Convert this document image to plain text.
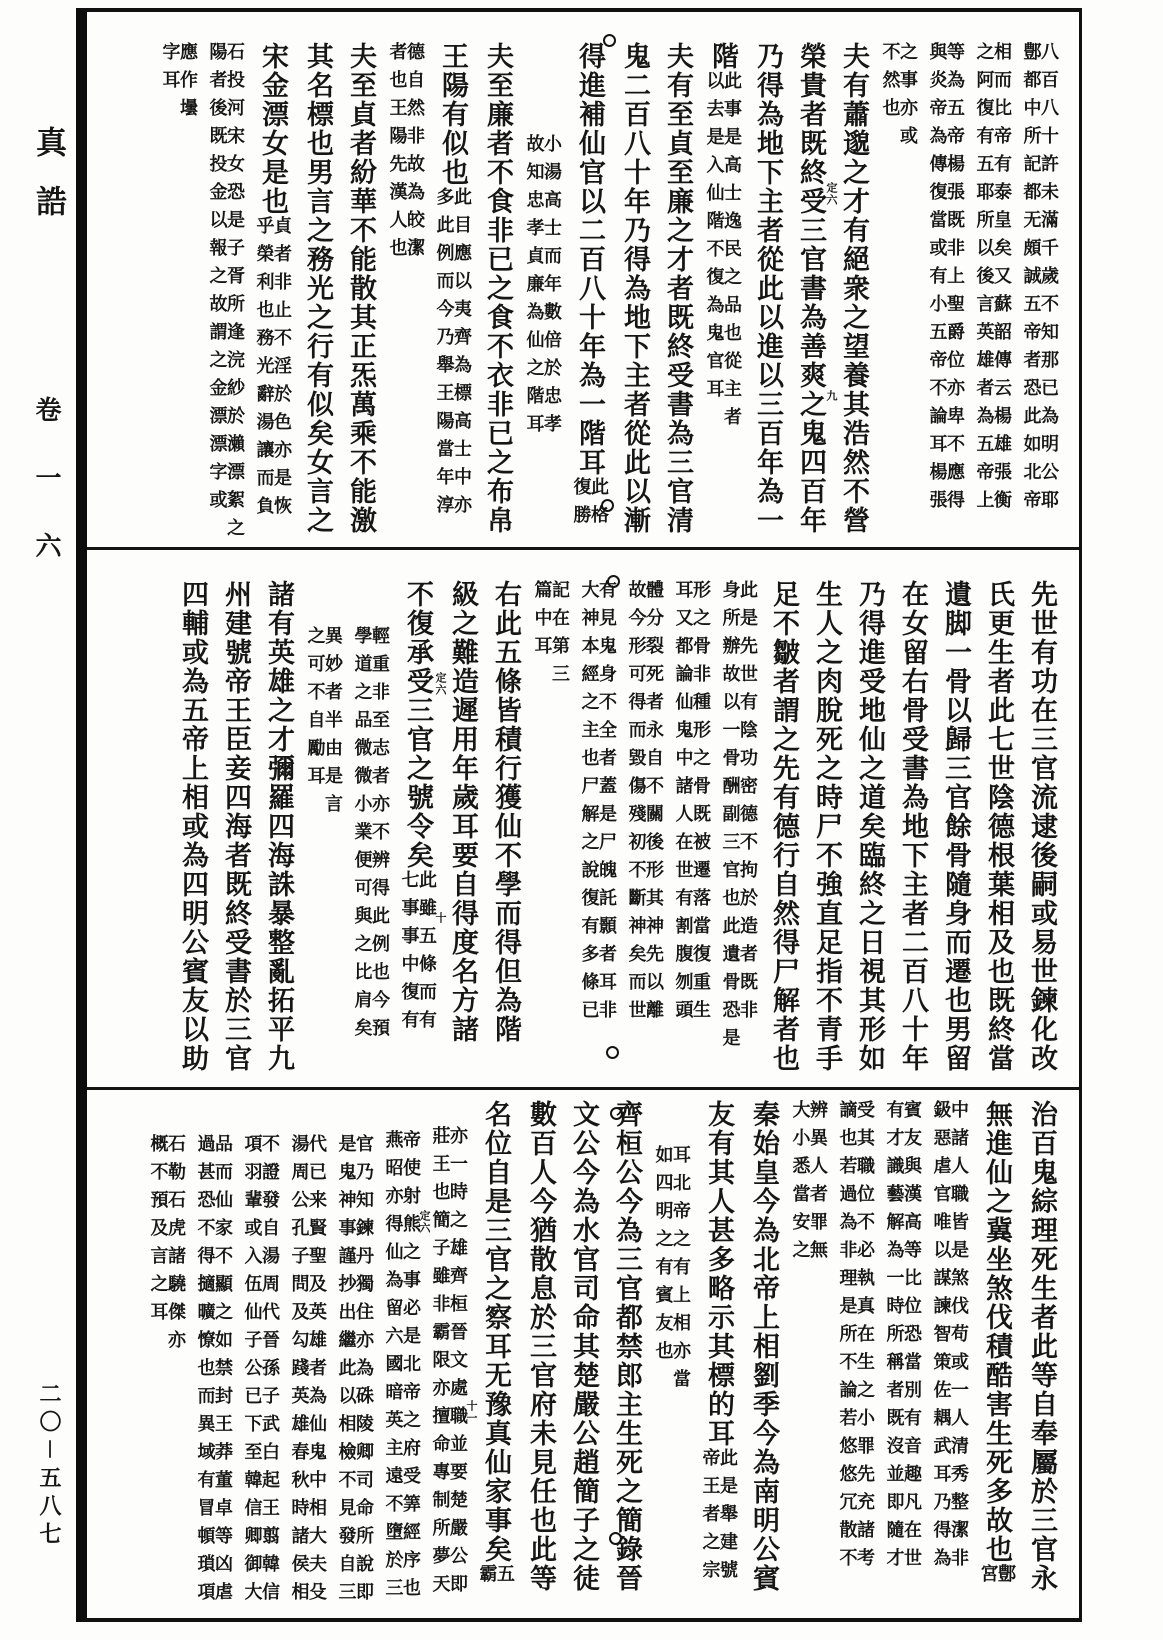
真誥
卷一六
二〇－五八七
八百八十許未滿千歲不知那已為明公耶
鄷都中所記都无頗誠五帝者恐此如北帝
相而比帝有泰皇矣又蘇韶傳云楊雄張衡
之阿復有五耶所以後言英雄者為五帝上
等為五帝楊張既非上聖爵位亦卑不應得
與炎帝為傳復當或有小五帝不論耳楊張
之事亦或
不然也
夫有蕭邈之才有絕衆之望養其浩然不營
榮貴者既終受三官書為善爽之鬼四百年 定六
九
乃得為地下主者從此以進以三百年為一
階
此事是高士逸民之品也從主者
以去是入仙階不復為鬼官耳
夫有至貞至廉之才者既終受書為三官清
鬼二百八十年乃得為地下主者從此以漸
得進補仙官以二百八十年為一階耳
此格
復勝
小湯高士而年數倍於忠孝
故知忠孝貞廉為仙之階耳
夫至廉者不食非已之食不衣非已之布帛
王陽有似也
此目應以夷齊為標高士中亦
多此例而今乃舉王陽當年淳
德自然非故為皎潔
者也王陽先漢人也
夫至貞者紛華不能散其正炁萬乘不能激
其名標也男言之務光之行有似矣女言之
宋金漂女是也
貞者非止不淫於色亦是恢
乎榮利也務光辭湯讓而負
石投河宋女恐是子胥所逢浣紗於瀨漂絮之
陽者後既投金以報之故謂之金漂漂字或
應作壜
字耳
先世有功在三官流逮後嗣或易世鍊化改
氏更生者此七世陰德根葉相及也既終當
遺脚一骨以歸三官餘骨隨身而遷也男留
在女留右骨受書為地下主者二百八十年
乃得進受地仙之道矣臨終之日視其形如
生人之肉脫死之時尸不強直足指不青手
足不皺者謂之先有德行自然得尸解者也
此是先世有陰功密德不拘於造者既非
身所辦故以一骨酬副三官也此遺骨恐是
形之骨非種形之骨既被遷落當復重生
耳又都論仙鬼中諸人在世有割腹刎頭
體分裂死者永自不關後形其神先以離
故今形可得而毀傷殘初不斷神矣而世
有見鬼身不全者蓋是尸魄託顥者耳非
大神本經之主也尸解之說復有多條已
記在第三
篇中耳
右此五條皆積行獲仙不學而得但為階
級之難造遲用年歲耳要自得度名方諸
不復承受三官之號令矣
此雖五條而有
七事事中復有
定六
十
輕重非至志者亦不辨得此例也今預
學道之品微微小業便可與之比肩矣
異妙者半由是言
之可不自勵耳
諸有英雄之才彌羅四海誅暴整亂拓平九
州建號帝王臣妾四海者既終受書於三官
四輔或為五帝上相或為四明公賓友以助
治百鬼綜理死生者此等自奉屬於三官永
無進仙之冀坐煞伐積酷害生死多故也
鄷
宮
中諸人職皆是煞伐苟或一人清秀整潔非
鈒惡虐官唯以謀諫智策佐耦武耳乃得為
賓友與漢高等比位恐當別有音趣凡在世
有才識藝解為一時所稱者既沒並即隨才
受其職位不必執真在生之小罪先充諸考
謫也若過為非理是所不論若悠悠冗散不
辨異人者罪無
大小悉當安之
秦始皇今為北帝上相劉季今為南明公賓
友有其人甚多略示其標的耳
此是舉建號
帝王者之宗
耳北帝之有上相亦當
如四明之有賓友也
齊桓公今為三官都禁郎主生死之簡錄晉
文公今為水官司命其楚嚴公趙簡子之徒
數百人今猶散息於三官府未見任也此等
名位自是三官之察耳无豫真仙家事矣
五
霸
亦一時之雄齊桓晉文處職並要楚嚴公即
莊王也簡子雖非霸限亦擅命專制所夢天 十一
帝使射熊之事必是北帝之府受筭經序也
燕昭亦得仙為留六國暗英主遠不墮於三 定六
官乃知鍊丹獨住亦為硃陵卿司命所說即
是鬼神事謹抄出繼此以相檢不見發自三
代已来賢聖及英雄者為仙鬼中相大夫殳
湯周公孔子問及勾踐英雄春秋時諸侯相
不證發自湯周代晉孫子武白起王翦韓信
項羽輩或入伍仙子公已下至韓信卿御大
品而仙家不顯之如禁封王莽董卓等凶虐
過甚恐不得擿曠憭也而異域有冒頓瑣項
石勒石虎諸驍傑亦
概不預及言之耳
